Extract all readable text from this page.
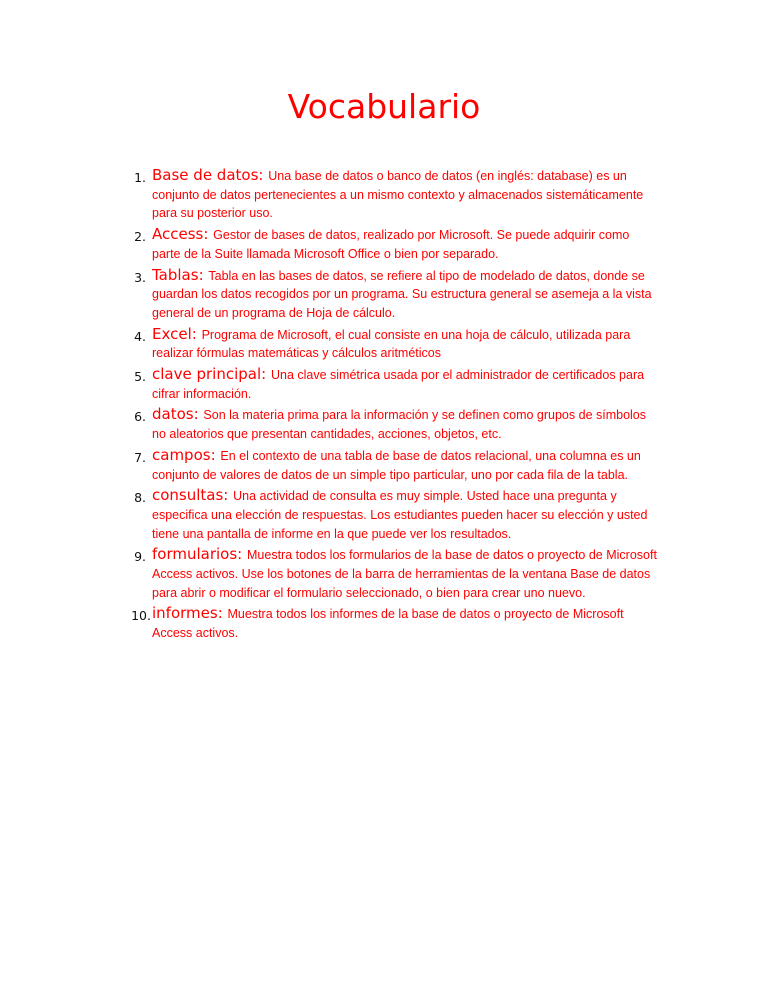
Vocabulario
1. Base de datos: Una base de datos o banco de datos (en inglés: database) es un conjunto de datos pertenecientes a un mismo contexto y almacenados sistemáticamente para su posterior uso.
2. Access: Gestor de bases de datos, realizado por Microsoft. Se puede adquirir como parte de la Suite llamada Microsoft Office o bien por separado.
3. Tablas: Tabla en las bases de datos, se refiere al tipo de modelado de datos, donde se guardan los datos recogidos por un programa. Su estructura general se asemeja a la vista general de un programa de Hoja de cálculo.
4. Excel: Programa de Microsoft, el cual consiste en una hoja de cálculo, utilizada para realizar fórmulas matemáticas y cálculos aritméticos
5. clave principal: Una clave simétrica usada por el administrador de certificados para cifrar información.
6. datos: Son la materia prima para la información y se definen como grupos de símbolos no aleatorios que presentan cantidades, acciones, objetos, etc.
7. campos: En el contexto de una tabla de base de datos relacional, una columna es un conjunto de valores de datos de un simple tipo particular, uno por cada fila de la tabla.
8. consultas: Una actividad de consulta es muy simple. Usted hace una pregunta y especifica una elección de respuestas. Los estudiantes pueden hacer su elección y usted tiene una pantalla de informe en la que puede ver los resultados.
9. formularios: Muestra todos los formularios de la base de datos o proyecto de Microsoft Access activos. Use los botones de la barra de herramientas de la ventana Base de datos para abrir o modificar el formulario seleccionado, o bien para crear uno nuevo.
10. informes: Muestra todos los informes de la base de datos o proyecto de Microsoft Access activos.
